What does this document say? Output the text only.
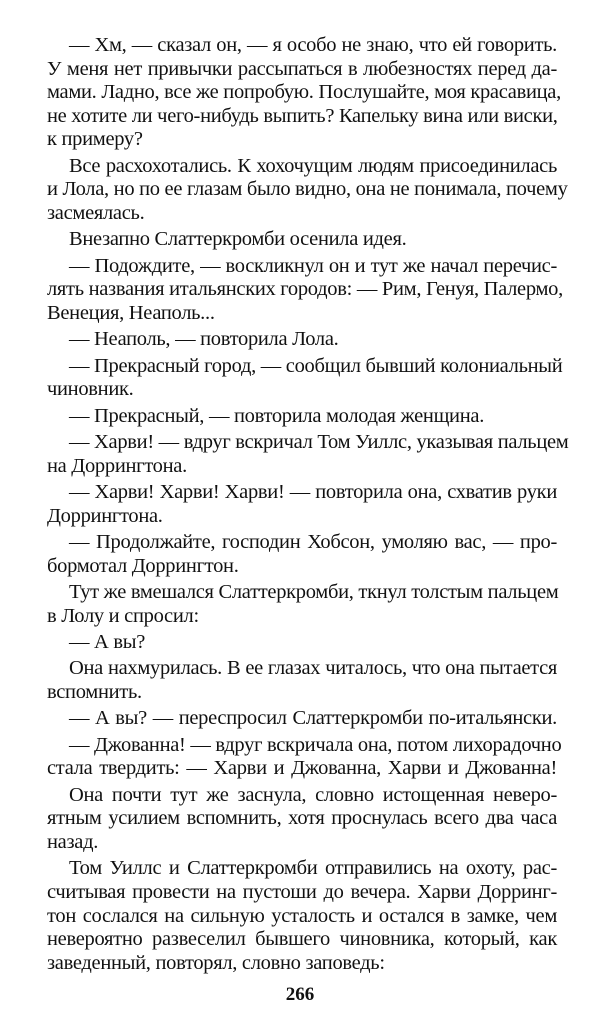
— Хм, — сказал он, — я особо не знаю, что ей говорить.
У меня нет привычки рассыпаться в любезностях перед да-
мами. Ладно, все же попробую. Послушайте, моя красавица,
не хотите ли чего-нибудь выпить? Капельку вина или виски,
к примеру?
Все расхохотались. К хохочущим людям присоединилась
и Лола, но по ее глазам было видно, она не понимала, почему
засмеялась.
Внезапно Слаттеркромби осенила идея.
— Подождите, — воскликнул он и тут же начал перечис-
лять названия итальянских городов: — Рим, Генуя, Палермо,
Венеция, Неаполь...
— Неаполь, — повторила Лола.
— Прекрасный город, — сообщил бывший колониальный
чиновник.
— Прекрасный, — повторила молодая женщина.
— Харви! — вдруг вскричал Том Уиллс, указывая пальцем
на Доррингтона.
— Харви! Харви! Харви! — повторила она, схватив руки
Доррингтона.
— Продолжайте, господин Хобсон, умоляю вас, — про-
бормотал Доррингтон.
Тут же вмешался Слаттеркромби, ткнул толстым пальцем
в Лолу и спросил:
— А вы?
Она нахмурилась. В ее глазах читалось, что она пытается
вспомнить.
— А вы? — переспросил Слаттеркромби по-итальянски.
— Джованна! — вдруг вскричала она, потом лихорадочно
стала твердить: — Харви и Джованна, Харви и Джованна!
Она почти тут же заснула, словно истощенная неверо-
ятным усилием вспомнить, хотя проснулась всего два часа
назад.
Том Уиллс и Слаттеркромби отправились на охоту, рас-
считывая провести на пустоши до вечера. Харви Дорринг-
тон сослался на сильную усталость и остался в замке, чем
невероятно развеселил бывшего чиновника, который, как
заведенный, повторял, словно заповедь:
266
